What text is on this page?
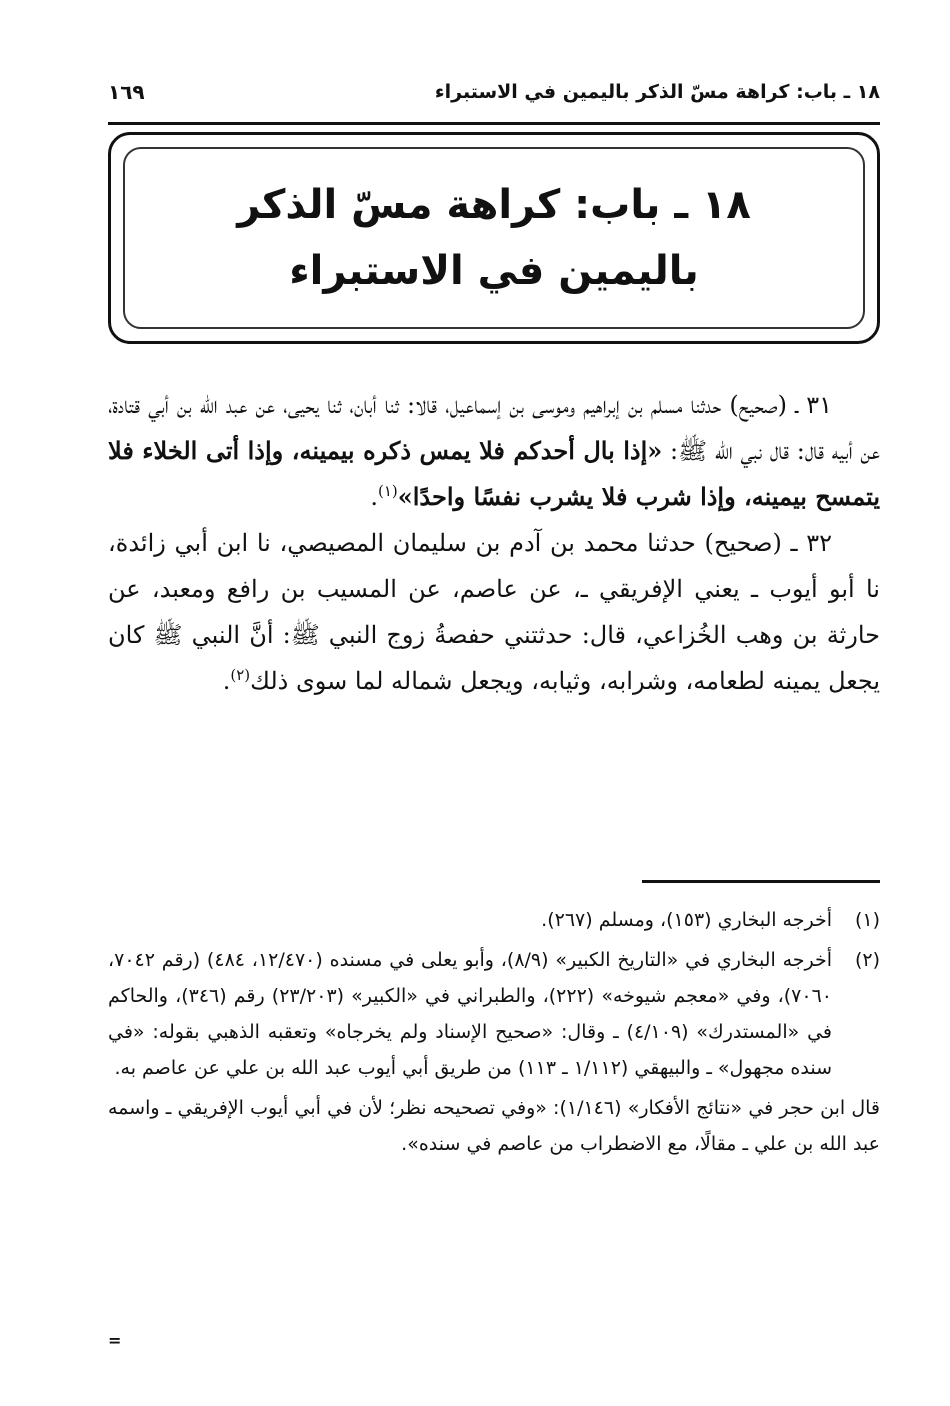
١٨ ـ باب: كراهة مسّ الذكر باليمين في الاستبراء
١٦٩
١٨ ـ باب: كراهة مسّ الذكر
باليمين في الاستبراء

٣١ ـ (صحيح) حدثنا مسلم بن إبراهيم وموسى بن إسماعيل، قالا: ثنا أبان، ثنا يحيى، عن عبد الله بن أبي قتادة، عن أبيه قال: قال نبي الله ﷺ: «إذا بال أحدكم فلا يمس ذكره بيمينه، وإذا أتى الخلاء فلا يتمسح بيمينه، وإذا شرب فلا يشرب نفسًا واحدًا»$^{(١)}$.

٣٢ ـ (صحيح) حدثنا محمد بن آدم بن سليمان المصيصي، نا ابن أبي زائدة، نا أبو أيوب ـ يعني الإفريقي ـ، عن عاصم، عن المسيب بن رافع ومعبد، عن حارثة بن وهب الخُزاعي، قال: حدثتني حفصةُ زوج النبي ﷺ: أنَّ النبي ﷺ كان يجعل يمينه لطعامه، وشرابه، وثيابه، ويجعل شماله لما سوى ذلك$^{(٢)}$.

(١)
أخرجه البخاري (١٥٣)، ومسلم (٢٦٧).
(٢)
أخرجه البخاري في «التاريخ الكبير» (٨/٩)، وأبو يعلى في مسنده (١٢/٤٧٠، ٤٨٤) (رقم ٧٠٤٢، ٧٠٦٠)، وفي «معجم شيوخه» (٢٢٢)، والطبراني في «الكبير» (٢٣/٢٠٣) رقم (٣٤٦)، والحاكم في «المستدرك» (٤/١٠٩) ـ وقال: «صحيح الإسناد ولم يخرجاه» وتعقبه الذهبي بقوله: «في سنده مجهول» ـ والبيهقي (١/١١٢ ـ ١١٣) من طريق أبي أيوب عبد الله بن علي عن عاصم به.
قال ابن حجر في «نتائج الأفكار» (١/١٤٦): «وفي تصحيحه نظر؛ لأن في أبي أيوب الإفريقي ـ واسمه عبد الله بن علي ـ مقالًا، مع الاضطراب من عاصم في سنده».
=
